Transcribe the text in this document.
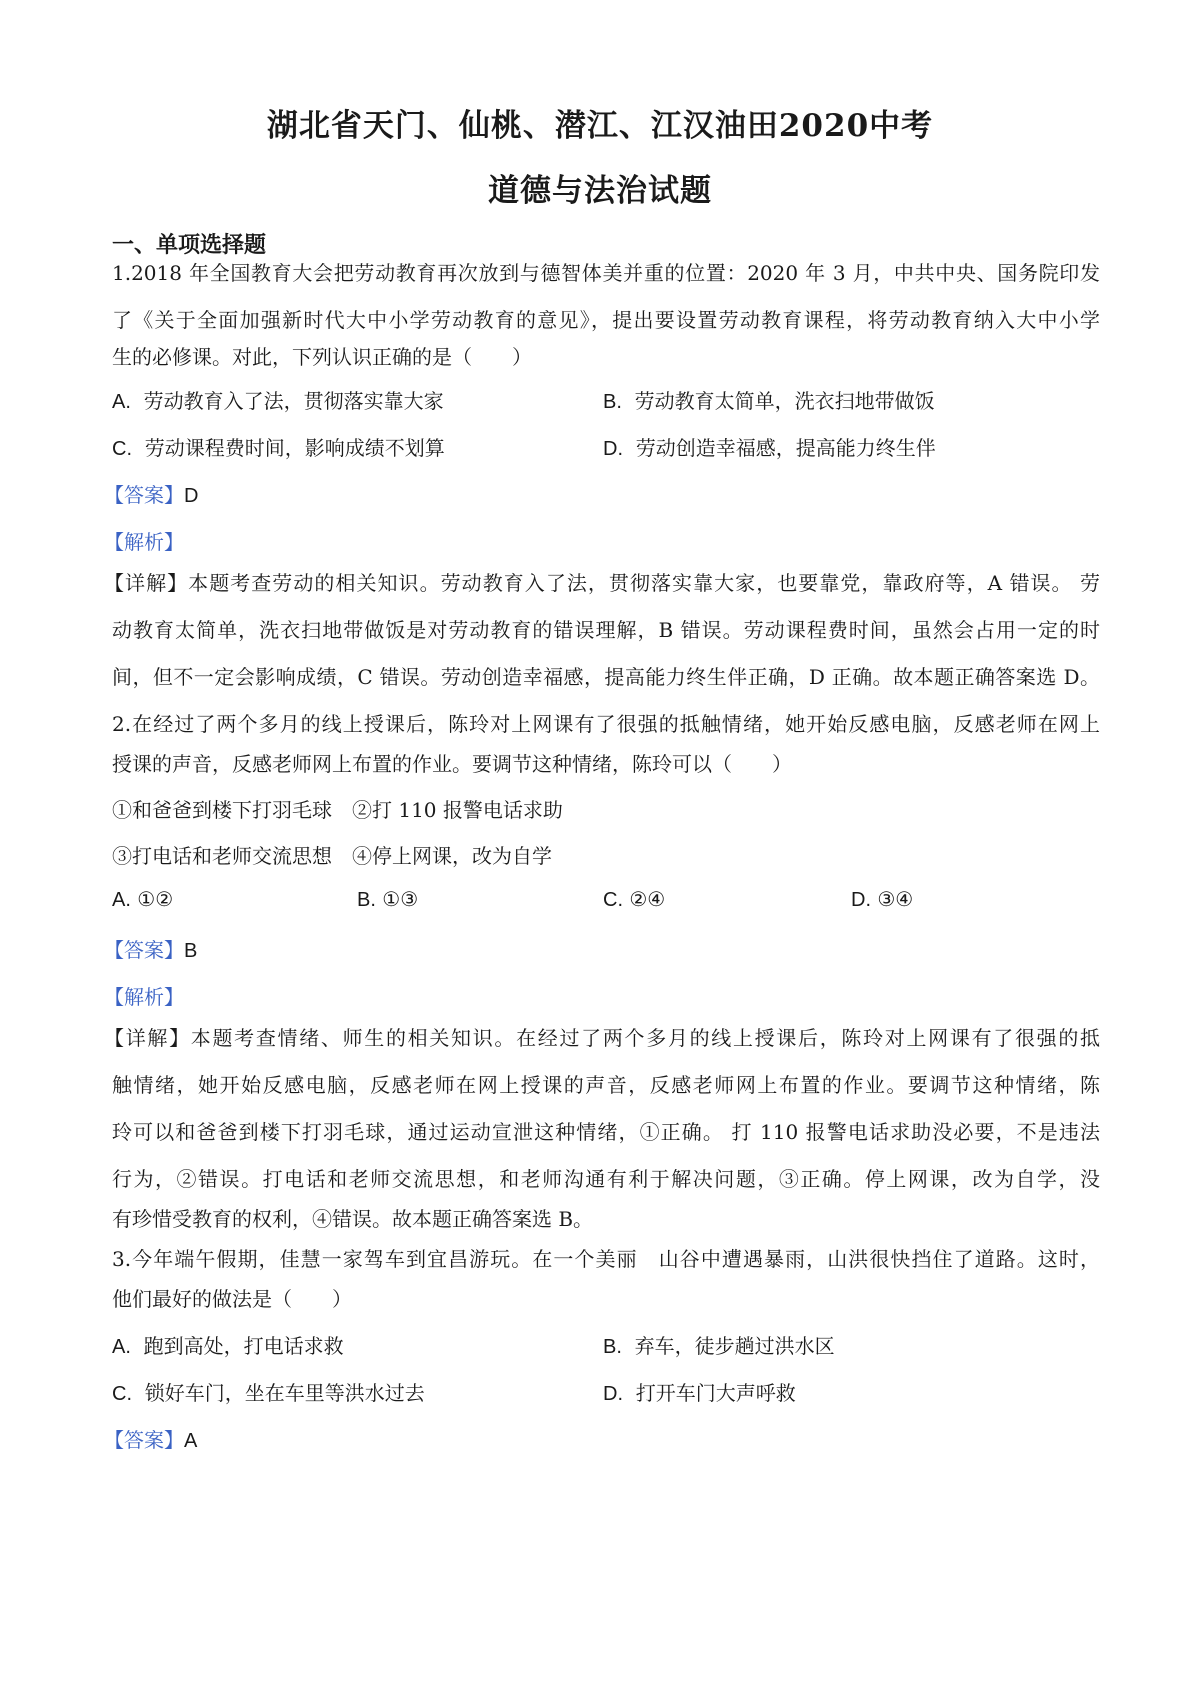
湖北省天门、仙桃、潜江、江汉油田2020中考
道德与法治试题
一、单项选择题
1.2018 年全国教育大会把劳动教育再次放到与德智体美并重的位置：2020 年 3 月，中共中央、国务院印发
了《关于全面加强新时代大中小学劳动教育的意见》，提出要设置劳动教育课程，将劳动教育纳入大中小学
生的必修课。对此，下列认识正确的是（　　）
A. 劳动教育入了法，贯彻落实靠大家	B. 劳动教育太简单，洗衣扫地带做饭
C. 劳动课程费时间，影响成绩不划算	D. 劳动创造幸福感，提高能力终生伴
【答案】D
【解析】
【详解】本题考查劳动的相关知识。劳动教育入了法，贯彻落实靠大家，也要靠党，靠政府等，A 错误。 劳
动教育太简单，洗衣扫地带做饭是对劳动教育的错误理解，B 错误。劳动课程费时间，虽然会占用一定的时
间，但不一定会影响成绩，C 错误。劳动创造幸福感，提高能力终生伴正确，D 正确。故本题正确答案选 D。
2.在经过了两个多月的线上授课后，陈玲对上网课有了很强的抵触情绪，她开始反感电脑，反感老师在网上
授课的声音，反感老师网上布置的作业。要调节这种情绪，陈玲可以（　　）
①和爸爸到楼下打羽毛球　②打 110 报警电话求助
③打电话和老师交流思想　④停上网课，改为自学
A. ①②	B. ①③	C. ②④	D. ③④
【答案】B
【解析】
【详解】本题考查情绪、师生的相关知识。在经过了两个多月的线上授课后，陈玲对上网课有了很强的抵
触情绪，她开始反感电脑，反感老师在网上授课的声音，反感老师网上布置的作业。要调节这种情绪，陈
玲可以和爸爸到楼下打羽毛球，通过运动宣泄这种情绪，①正确。 打 110 报警电话求助没必要，不是违法
行为，②错误。打电话和老师交流思想，和老师沟通有利于解决问题，③正确。停上网课，改为自学，没
有珍惜受教育的权利，④错误。故本题正确答案选 B。
3.今年端午假期，佳慧一家驾车到宜昌游玩。在一个美丽　山谷中遭遇暴雨，山洪很快挡住了道路。这时，
他们最好的做法是（　　）
A. 跑到高处，打电话求救	B. 弃车，徒步趟过洪水区
C. 锁好车门，坐在车里等洪水过去	D. 打开车门大声呼救
【答案】A
